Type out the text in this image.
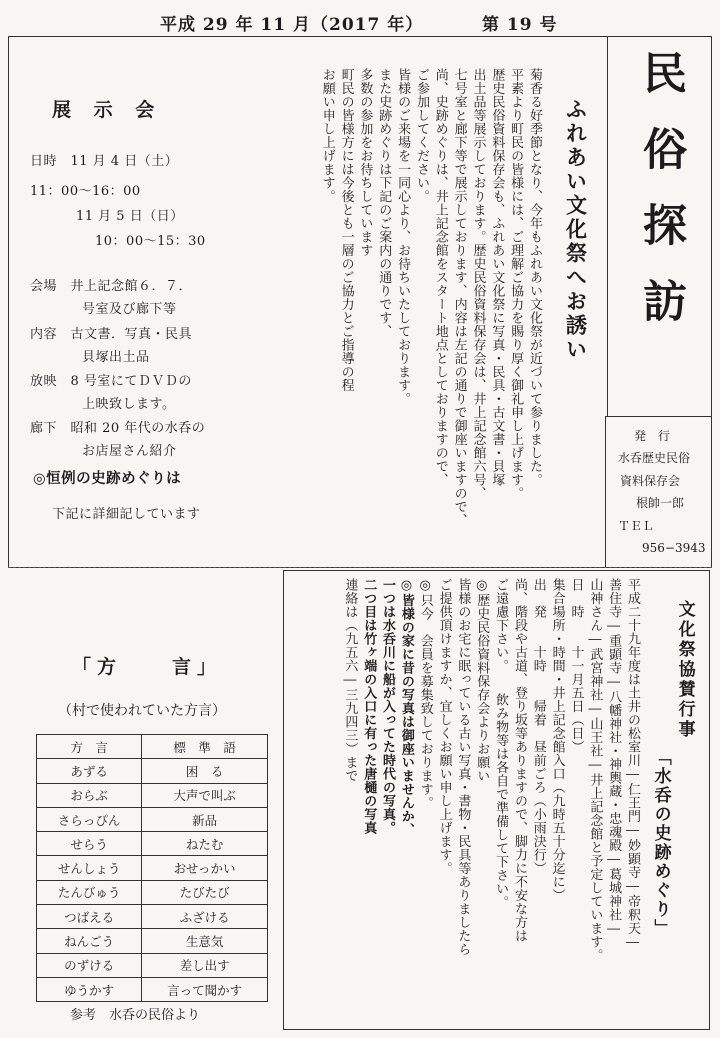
平成 29 年 11 月（2017 年）	第 19 号
展 示 会
日時　11 月 4 日（土）
11：00〜16：00
11 月 5 日（日）
10：00〜15：30
会場　井上記念館６．７．
号室及び廊下等
内容　古文書．写真・民具
貝塚出土品
放映　8 号室にてＤＶＤの
上映致します。
廊下　昭和 20 年代の水呑の
お店屋さん紹介
◎恒例の史跡めぐりは
下記に詳細記しています
菊香る好季節となり、今年もふれあい文化祭が近づいて参りました。
平素より町民の皆様には、ご理解ご協力を賜り厚く御礼申し上げます。
歴史民俗資料保存会も、ふれあい文化祭に写真・民具・古文書・貝塚
出土品等展示しております。歴史民俗資料保存会は、井上記念館六号、
七号室と廊下等で展示しております、内容は左記の通りで御座いますので、
尚、史跡めぐりは、井上記念館をスタート地点としておりますので、
ご参加してください。
皆様のご来場を一同心より、お待ちいたしております。
また史跡めぐりは下記のご案内の通りです、
多数の参加をお待ちしています
町民の皆様方には今後とも一層のご協力とご指導の程
お願い申し上げます。	ふれあい文化祭へお誘い 民俗探訪
発　行
水呑歴史民俗
資料保存会
根帥一郎
ＴＥＬ
956−3943
「方　　言」
（村で使われていた方言）
方　言	標　準　語
あずる	困　る
おらぶ	大声で叫ぶ
さらっぴん	新品
せらう	ねたむ
せんしょう	おせっかい
たんびゅう	たびたび
つばえる	ふざける
ねんごう	生意気
のずける	差し出す
ゆうかす	言って聞かす
参考　水呑の民俗より
文化祭協賛行事
「水呑の史跡めぐり」
平成二十九年度は土井の松室川―仁王門―妙顕寺―帝釈天―
善住寺―重顕寺―八幡神社・神輿蔵・忠魂殿―葛城神社―
山神さん―武宮神社―山王社―井上記念館と予定しています。
日　時　　十一月五日（日）
集合場所・時間・井上記念館入口（九時五十分迄に）
出　発　　十時　　帰着　昼前ごろ（小雨決行）
尚、階段や古道、登り坂等ありますので、脚力に不安な方は
ご遠慮下さい。　　飲み物等は各自で準備して下さい。
◎歴史民俗資料保存会よりお願い
皆様のお宅に眠っている古い写真・書物・民具等ありましたら
ご提供頂けますか、宜しくお願い申し上げます。
◎只今　会員を募集致しております。
◎皆様の家に昔の写真は御座いませんか、
一つは水呑川に船が入ってた時代の写真。
二つ目は竹ヶ端の入口に有った唐樋の写真
連絡は（九五六―三九四三）まで
